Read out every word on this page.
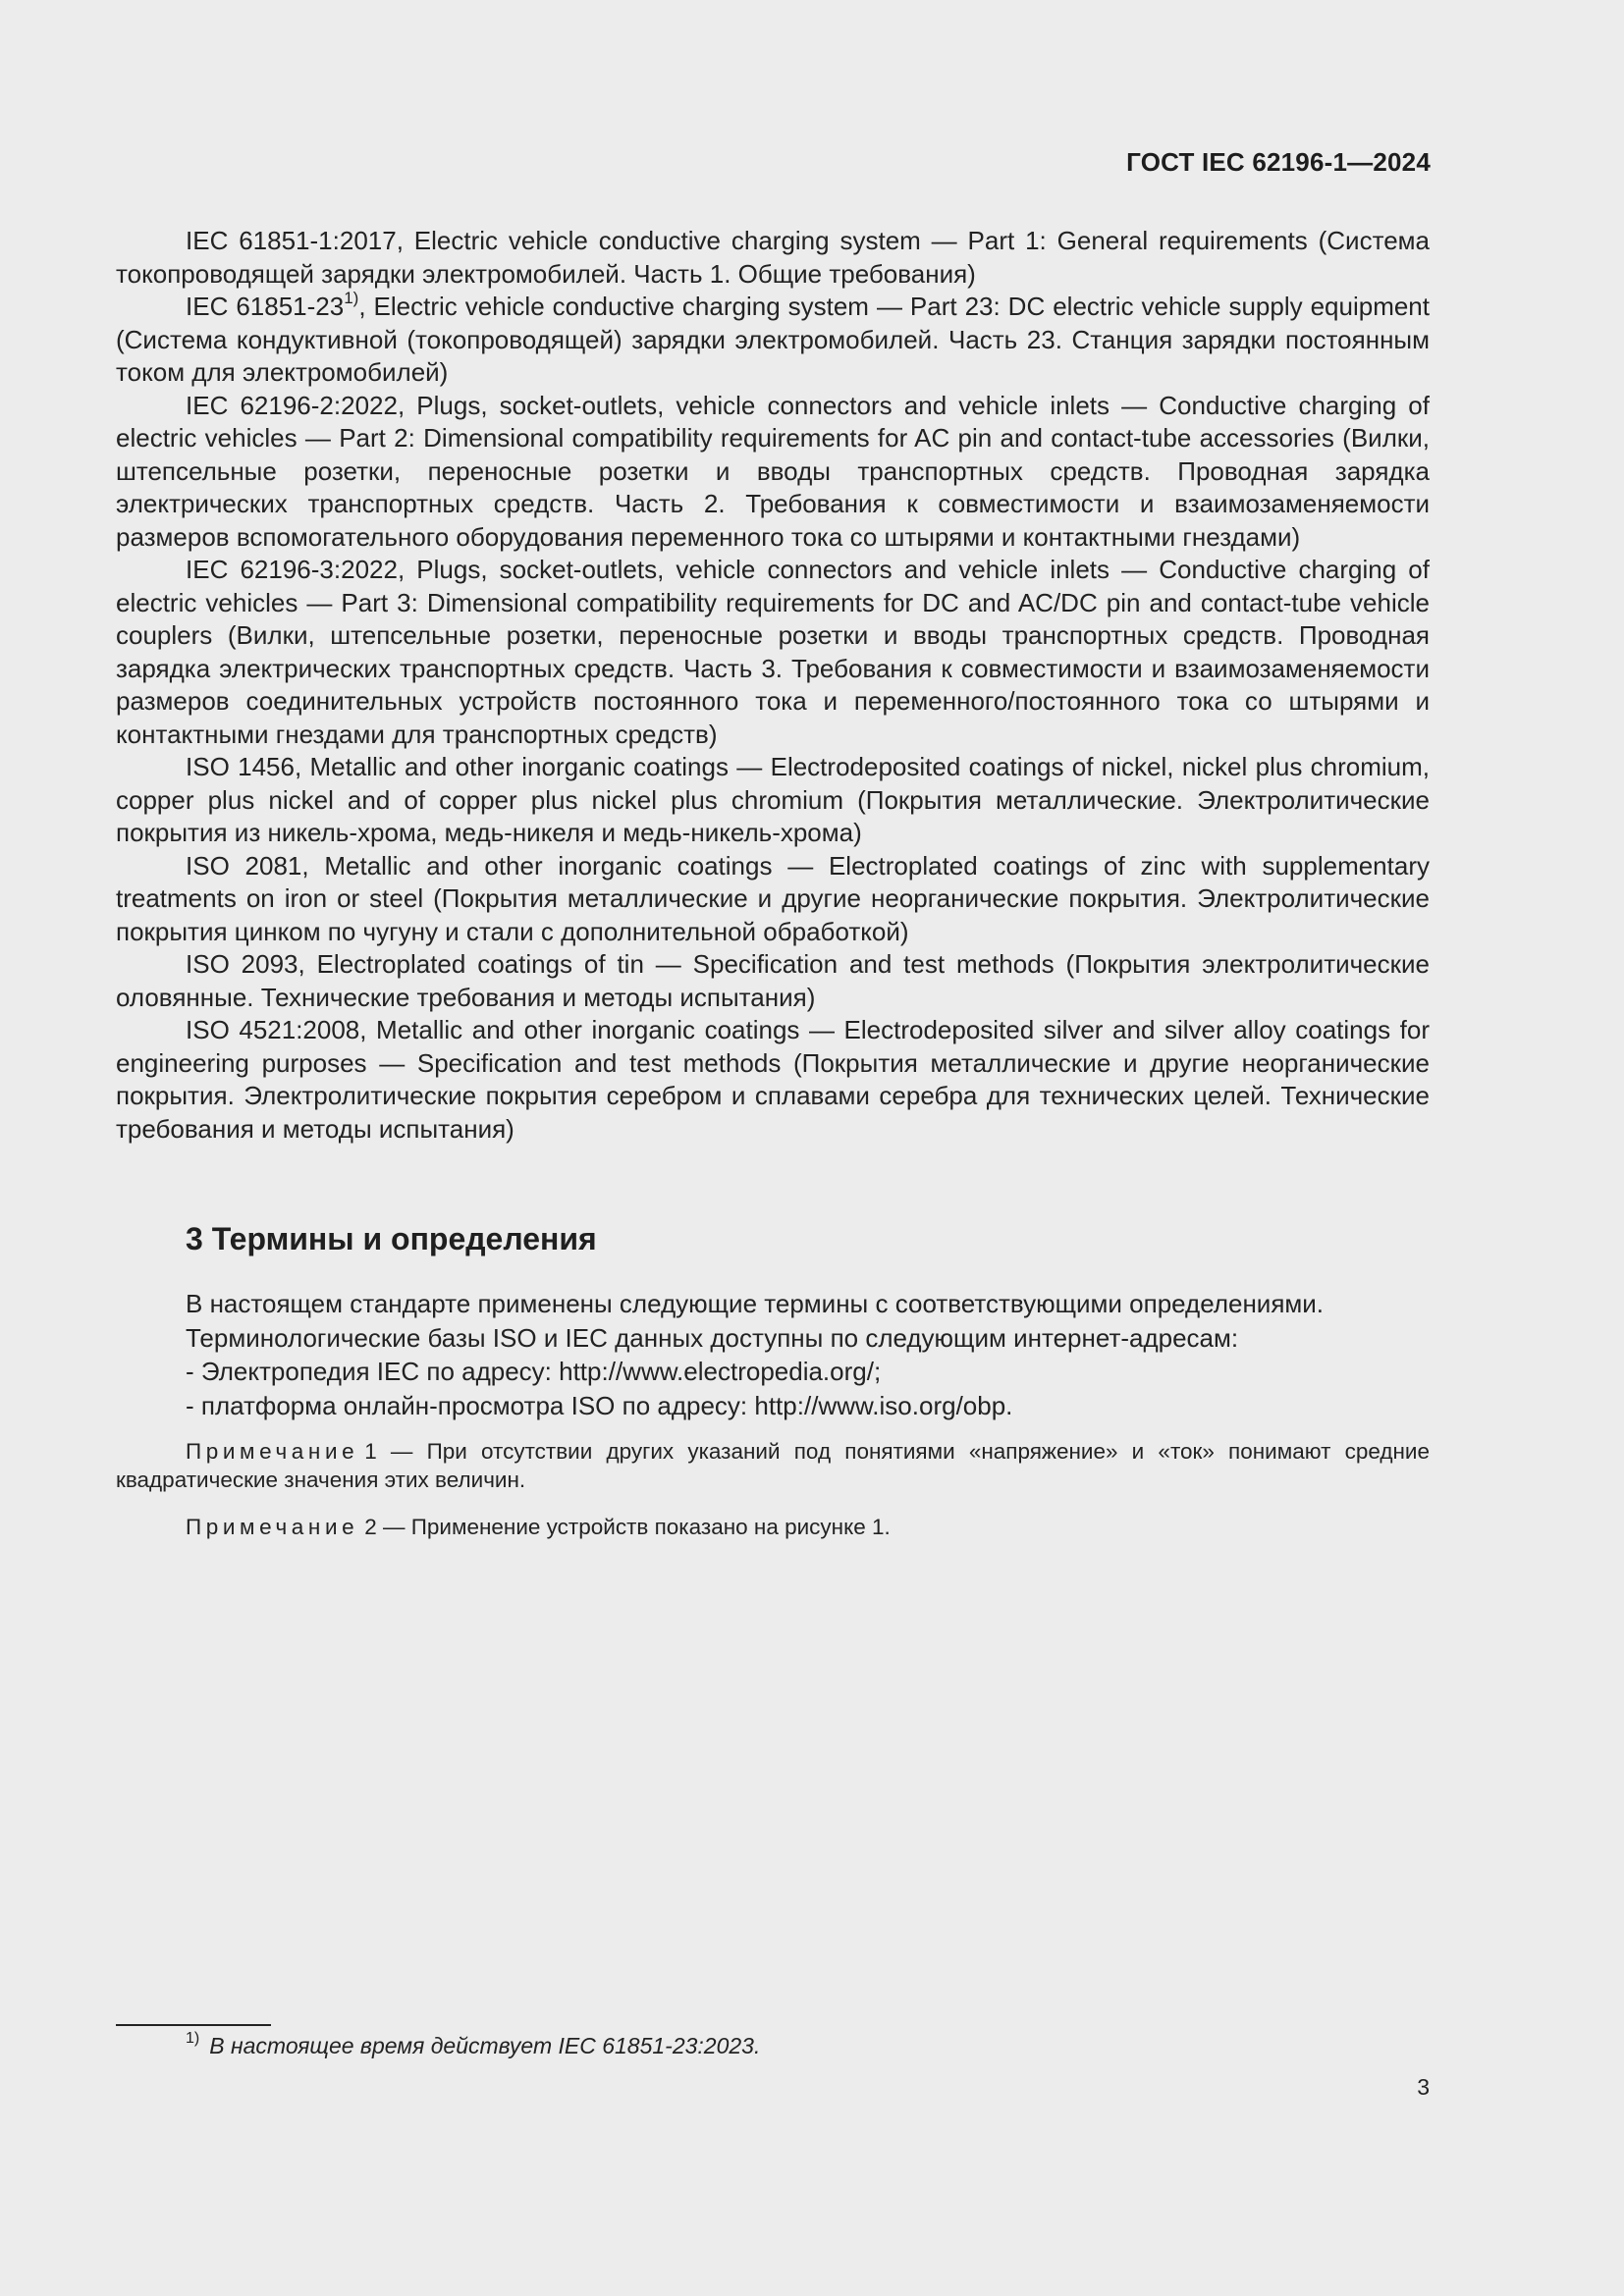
ГОСТ IEC 62196-1—2024

IEC 61851-1:2017, Electric vehicle conductive charging system — Part 1: General requirements (Система токопроводящей зарядки электромобилей. Часть 1. Общие требования)

IEC 61851-23$^{1)}$, Electric vehicle conductive charging system — Part 23: DC electric vehicle supply equipment (Система кондуктивной (токопроводящей) зарядки электромобилей. Часть 23. Станция зарядки постоянным током для электромобилей)

IEC 62196-2:2022, Plugs, socket-outlets, vehicle connectors and vehicle inlets — Conductive charging of electric vehicles — Part 2: Dimensional compatibility requirements for AC pin and contact-tube accessories (Вилки, штепсельные розетки, переносные розетки и вводы транспортных средств. Проводная зарядка электрических транспортных средств. Часть 2. Требования к совместимости и взаимозаменяемости размеров вспомогательного оборудования переменного тока со штырями и контактными гнездами)

IEC 62196-3:2022, Plugs, socket-outlets, vehicle connectors and vehicle inlets — Conductive charging of electric vehicles — Part 3: Dimensional compatibility requirements for DC and AC/DC pin and contact-tube vehicle couplers (Вилки, штепсельные розетки, переносные розетки и вводы транспортных средств. Проводная зарядка электрических транспортных средств. Часть 3. Требования к совместимости и взаимозаменяемости размеров соединительных устройств постоянного тока и переменного/постоянного тока со штырями и контактными гнездами для транспортных средств)

ISO 1456, Metallic and other inorganic coatings — Electrodeposited coatings of nickel, nickel plus chromium, copper plus nickel and of copper plus nickel plus chromium (Покрытия металлические. Электролитические покрытия из никель-хрома, медь-никеля и медь-никель-хрома)

ISO 2081, Metallic and other inorganic coatings — Electroplated coatings of zinc with supplementary treatments on iron or steel (Покрытия металлические и другие неорганические покрытия. Электролитические покрытия цинком по чугуну и стали с дополнительной обработкой)

ISO 2093, Electroplated coatings of tin — Specification and test methods (Покрытия электролитические оловянные. Технические требования и методы испытания)

ISO 4521:2008, Metallic and other inorganic coatings — Electrodeposited silver and silver alloy coatings for engineering purposes — Specification and test methods (Покрытия металлические и другие неорганические покрытия. Электролитические покрытия серебром и сплавами серебра для технических целей. Технические требования и методы испытания)

3 Термины и определения

В настоящем стандарте применены следующие термины с соответствующими определениями.

Терминологические базы ISO и IEC данных доступны по следующим интернет-адресам:

- Электропедия IEC по адресу: http://www.electropedia.org/;

- платформа онлайн-просмотра ISO по адресу: http://www.iso.org/obp.

Примечание 1 — При отсутствии других указаний под понятиями «напряжение» и «ток» понимают средние квадратические значения этих величин.

Примечание 2 — Применение устройств показано на рисунке 1.

$^{1)}$ В настоящее время действует IEC 61851-23:2023.
3
